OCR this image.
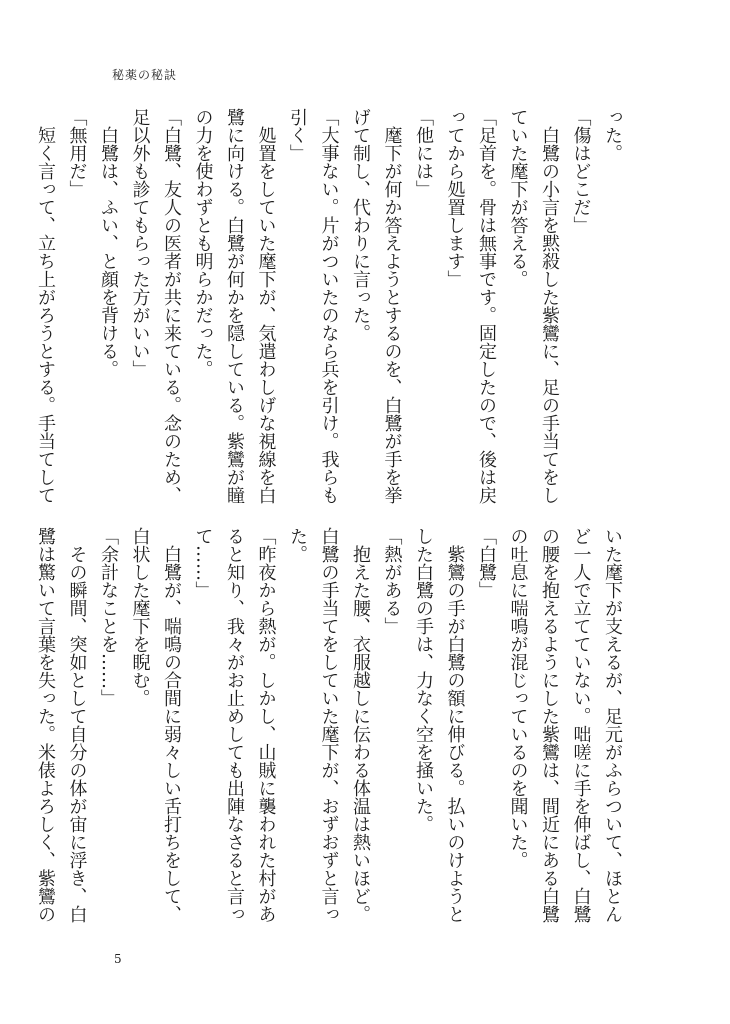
秘薬の秘訣
った。
「傷はどこだ」
　白鷺の小言を黙殺した紫鸞に、足の手当てをし
ていた麾下が答える。
「足首を。骨は無事です。固定したので、後は戻
ってから処置します」
「他には」
　麾下が何か答えようとするのを、白鷺が手を挙
げて制し、代わりに言った。
「大事ない。片がついたのなら兵を引け。我らも
引く」
　処置をしていた麾下が、気遣わしげな視線を白
鷺に向ける。白鷺が何かを隠している。紫鸞が瞳
の力を使わずとも明らかだった。
「白鷺、友人の医者が共に来ている。念のため、
足以外も診てもらった方がいい」
　白鷺は、ふい、と顔を背ける。
「無用だ」
　短く言って、立ち上がろうとする。手当てして
いた麾下が支えるが、足元がふらついて、ほとん
ど一人で立てていない。咄嗟に手を伸ばし、白鷺
の腰を抱えるようにした紫鸞は、間近にある白鷺
の吐息に喘鳴が混じっているのを聞いた。
「白鷺」
　紫鸞の手が白鷺の額に伸びる。払いのけようと
した白鷺の手は、力なく空を掻いた。
「熱がある」
　抱えた腰、衣服越しに伝わる体温は熱いほど。
白鷺の手当てをしていた麾下が、おずおずと言っ
た。
「昨夜から熱が。しかし、山賊に襲われた村があ
ると知り、我々がお止めしても出陣なさると言っ
て……」
　白鷺が、喘鳴の合間に弱々しい舌打ちをして、
白状した麾下を睨む。
「余計なことを……」
　その瞬間、突如として自分の体が宙に浮き、白
鷺は驚いて言葉を失った。米俵よろしく、紫鸞の
5
